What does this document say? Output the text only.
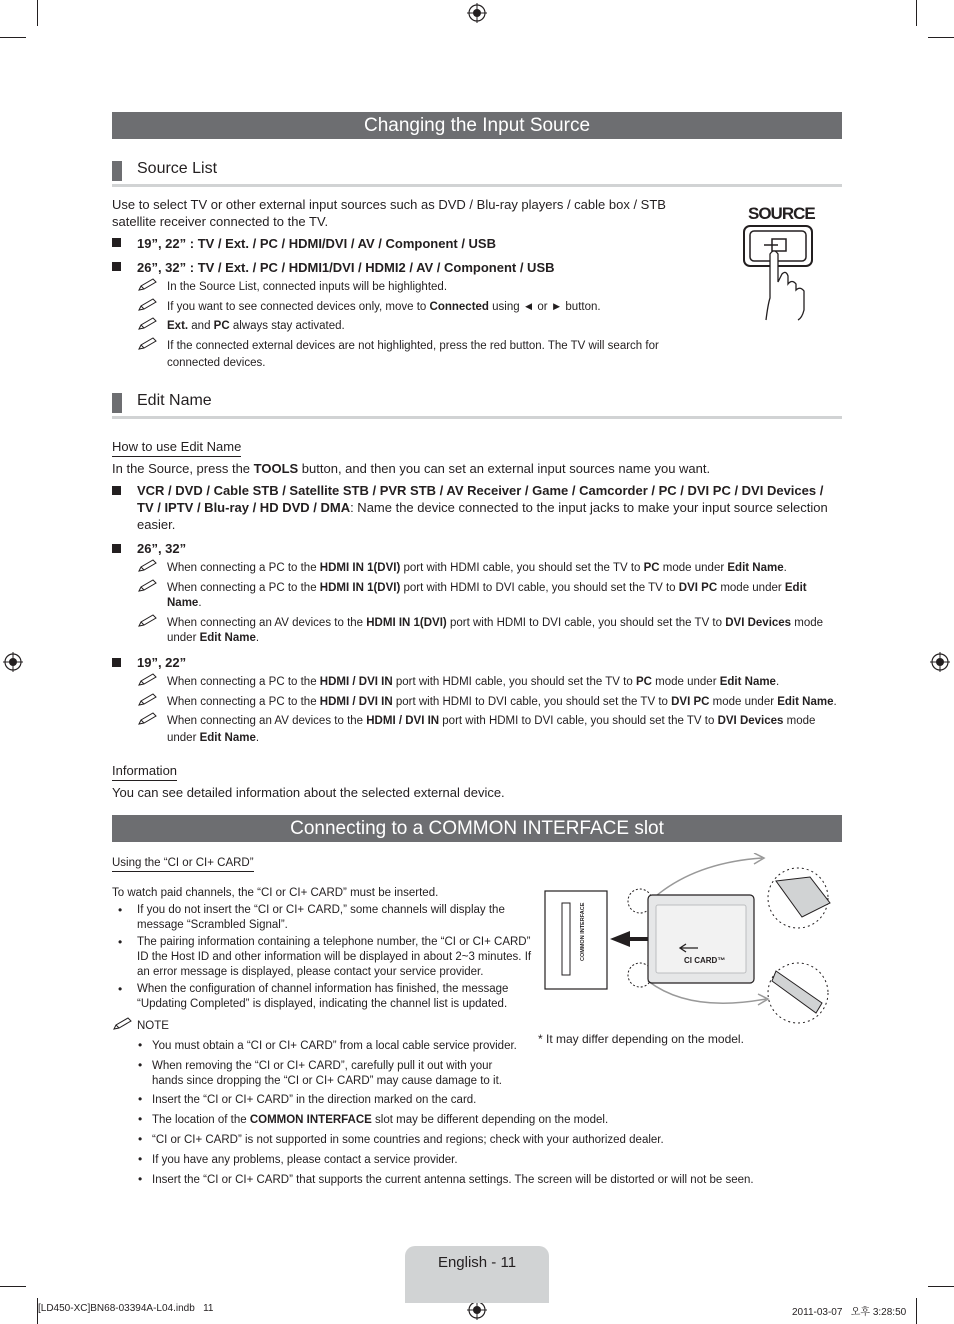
Changing the Input Source
Source List
Use to select TV or other external input sources such as DVD / Blu-ray players / cable box / STB satellite receiver connected to the TV.
19”, 22” : TV / Ext. / PC / HDMI/DVI / AV / Component / USB
26”, 32” : TV / Ext. / PC / HDMI1/DVI / HDMI2 / AV / Component / USB
In the Source List, connected inputs will be highlighted.
If you want to see connected devices only, move to Connected using ◄ or ► button.
Ext. and PC always stay activated.
If the connected external devices are not highlighted, press the red button. The TV will search for connected devices.
SOURCE
Edit Name
How to use Edit Name
In the Source, press the TOOLS button, and then you can set an external input sources name you want.
VCR / DVD / Cable STB / Satellite STB / PVR STB / AV Receiver / Game / Camcorder / PC / DVI PC / DVI Devices / TV / IPTV / Blu-ray / HD DVD / DMA: Name the device connected to the input jacks to make your input source selection easier.
26”, 32”
When connecting a PC to the HDMI IN 1(DVI) port with HDMI cable, you should set the TV to PC mode under Edit Name.
When connecting a PC to the HDMI IN 1(DVI) port with HDMI to DVI cable, you should set the TV to DVI PC mode under Edit
Name.
When connecting an AV devices to the HDMI IN 1(DVI) port with HDMI to DVI cable, you should set the TV to DVI Devices mode
under Edit Name.
19”, 22”
When connecting a PC to the HDMI / DVI IN port with HDMI cable, you should set the TV to PC mode under Edit Name.
When connecting a PC to the HDMI / DVI IN port with HDMI to DVI cable, you should set the TV to DVI PC mode under Edit Name.
When connecting an AV devices to the HDMI / DVI IN port with HDMI to DVI cable, you should set the TV to DVI Devices mode
under Edit Name.
Information
You can see detailed information about the selected external device.
Connecting to a COMMON INTERFACE slot
Using the “CI or CI+ CARD”
To watch paid channels, the “CI or CI+ CARD” must be inserted.
• If you do not insert the “CI or CI+ CARD,” some channels will display the
message “Scrambled Signal”.
• The pairing information containing a telephone number, the “CI or CI+ CARD”
ID the Host ID and other information will be displayed in about 2~3 minutes. If
an error message is displayed, please contact your service provider.
• When the configuration of channel information has finished, the message
“Updating Completed” is displayed, indicating the channel list is updated.
NOTE
• You must obtain a “CI or CI+ CARD” from a local cable service provider.
• When removing the “CI or CI+ CARD”, carefully pull it out with your
hands since dropping the “CI or CI+ CARD” may cause damage to it.
• Insert the “CI or CI+ CARD” in the direction marked on the card.
• The location of the COMMON INTERFACE slot may be different depending on the model.
• “CI or CI+ CARD” is not supported in some countries and regions; check with your authorized dealer.
• If you have any problems, please contact a service provider.
• Insert the “CI or CI+ CARD” that supports the current antenna settings. The screen will be distorted or will not be seen.
COMMON INTERFACE	CI CARD™
* It may differ depending on the model.
English - 11
[LD450-XC]BN68-03394A-L04.indb   11	2011-03-07   오후 3:28:50
